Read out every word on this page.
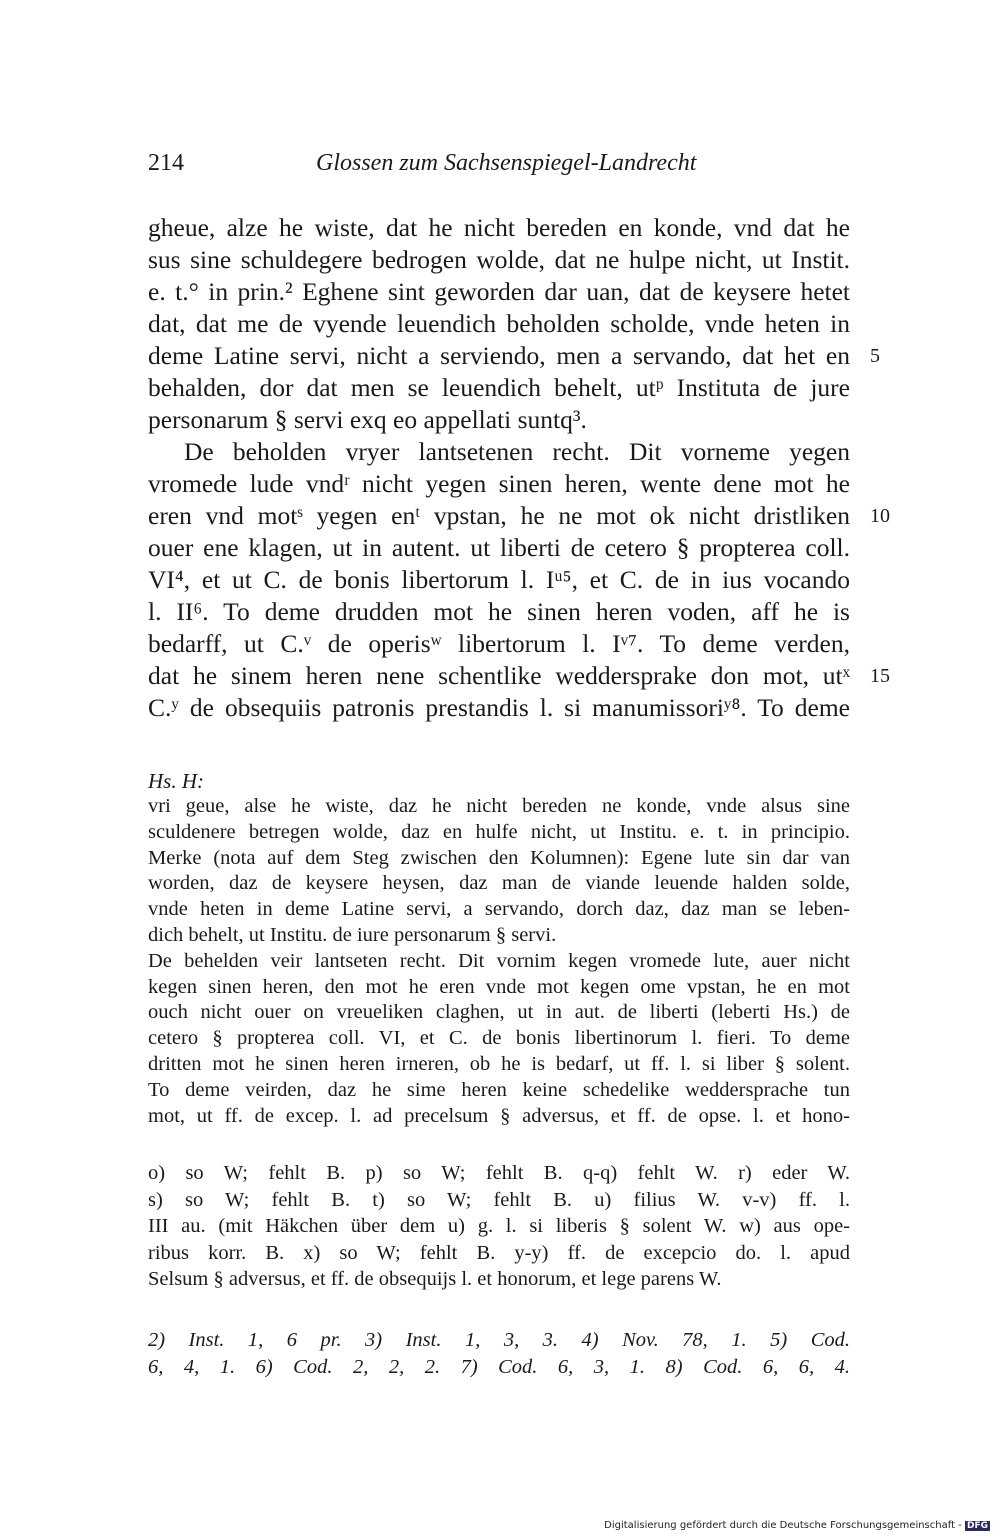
214	Glossen zum Sachsenspiegel-Landrecht
gheue, alze he wiste, dat he nicht bereden en konde, vnd dat he
sus sine schuldegere bedrogen wolde, dat ne hulpe nicht, ut Instit.
e. t.° in prin.² Eghene sint geworden dar uan, dat de keysere hetet
dat, dat me de vyende leuendich beholden scholde, vnde heten in
deme Latine servi, nicht a serviendo, men a servando, dat het en 5
behalden, dor dat men se leuendich behelt, utᵖ Instituta de jure
personarum § servi exq eo appellati suntq³.
De beholden vryer lantsetenen recht. Dit vorneme yegen
vromede lude vndʳ nicht yegen sinen heren, wente dene mot he
eren vnd motˢ yegen enᵗ vpstan, he ne mot ok nicht dristliken 10
ouer ene klagen, ut in autent. ut liberti de cetero § propterea coll.
VI⁴, et ut C. de bonis libertorum l. Iᵘ⁵, et C. de in ius vocando
l. II⁶. To deme drudden mot he sinen heren voden, aff he is
bedarff, ut C.ᵛ de operisʷ libertorum l. Iᵛ⁷. To deme verden,
dat he sinem heren nene schentlike weddersprake don mot, utˣ 15
C.ʸ de obsequiis patronis prestandis l. si manumissoriʸ⁸. To deme
Hs. H:
vri geue, alse he wiste, daz he nicht bereden ne konde, vnde alsus sine
sculdenere betregen wolde, daz en hulfe nicht, ut Institu. e. t. in principio.
Merke (nota auf dem Steg zwischen den Kolumnen): Egene lute sin dar van
worden, daz de keysere heysen, daz man de viande leuende halden solde,
vnde heten in deme Latine servi, a servando, dorch daz, daz man se leben-
dich behelt, ut Institu. de iure personarum § servi.
De behelden veir lantseten recht. Dit vornim kegen vromede lute, auer nicht
kegen sinen heren, den mot he eren vnde mot kegen ome vpstan, he en mot
ouch nicht ouer on vreueliken claghen, ut in aut. de liberti (leberti Hs.) de
cetero § propterea coll. VI, et C. de bonis libertinorum l. fieri. To deme
dritten mot he sinen heren irneren, ob he is bedarf, ut ff. l. si liber § solent.
To deme veirden, daz he sime heren keine schedelike weddersprache tun
mot, ut ff. de excep. l. ad precelsum § adversus, et ff. de opse. l. et hono-
o) so W; fehlt B. p) so W; fehlt B. q-q) fehlt W. r) eder W.
s) so W; fehlt B. t) so W; fehlt B. u) filius W. v-v) ff. l.
III au. (mit Häkchen über dem u) g. l. si liberis § solent W. w) aus ope-
ribus korr. B. x) so W; fehlt B. y-y) ff. de excepcio do. l. apud
Selsum § adversus, et ff. de obsequijs l. et honorum, et lege parens W.
2) Inst. 1, 6 pr. 3) Inst. 1, 3, 3. 4) Nov. 78, 1. 5) Cod.
6, 4, 1. 6) Cod. 2, 2, 2. 7) Cod. 6, 3, 1. 8) Cod. 6, 6, 4.
Digitalisierung gefördert durch die Deutsche Forschungsgemeinschaft - DFG
